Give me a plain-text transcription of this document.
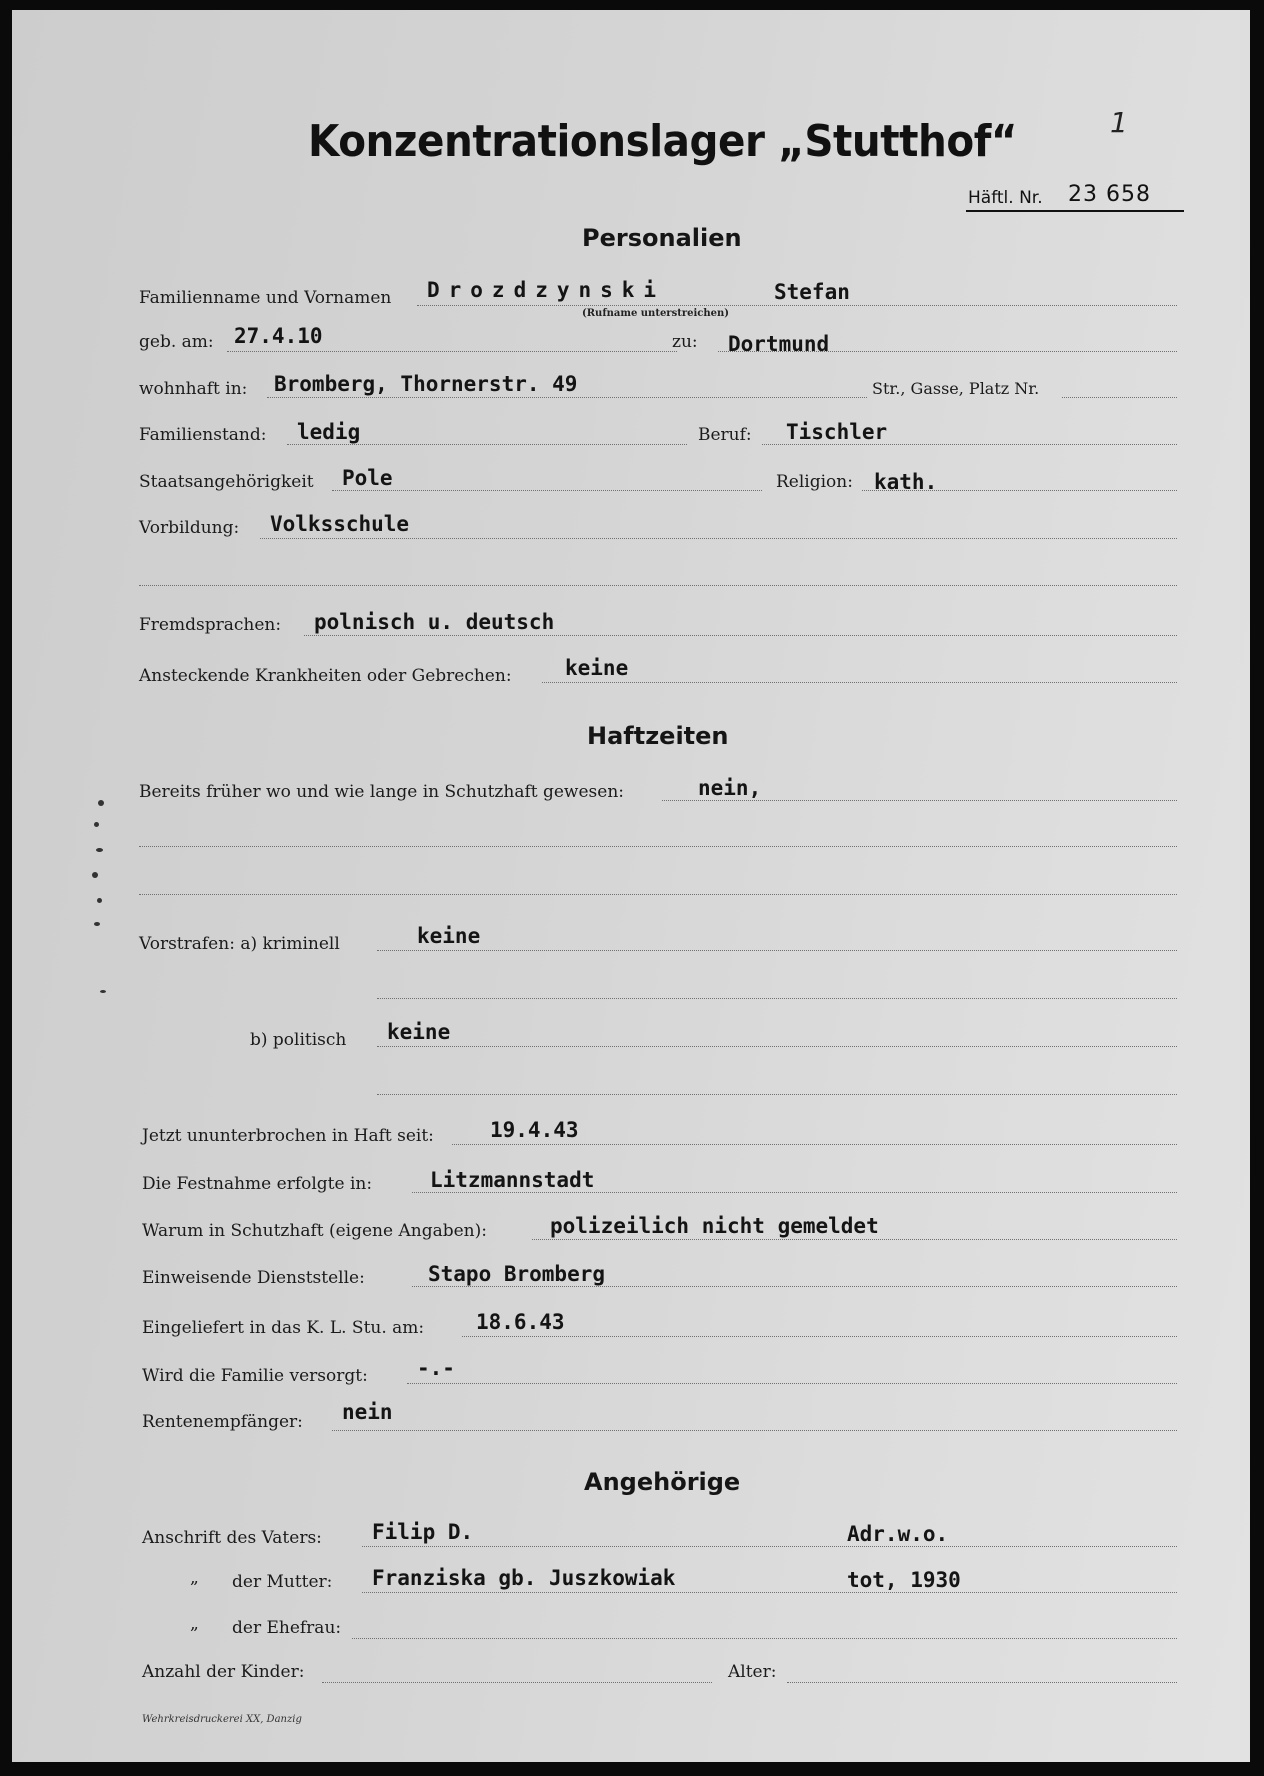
Konzentrationslager „Stutthof“	1
Häftl. Nr. 23 658
Personalien
Familienname und Vornamen Drozdzynski	Stefan
(Rufname unterstreichen)
geb. am: 27.4.10	zu: Dortmund
wohnhaft in: Bromberg, Thornerstr. 49	Str., Gasse, Platz Nr.
Familienstand: ledig	Beruf: Tischler
Staatsangehörigkeit Pole	Religion: kath.
Vorbildung: Volksschule
Fremdsprachen: polnisch u. deutsch
Ansteckende Krankheiten oder Gebrechen:	keine
Haftzeiten
Bereits früher wo und wie lange in Schutzhaft gewesen:	nein,
Vorstrafen: a) kriminell	keine
b) politisch keine
Jetzt ununterbrochen in Haft seit:	19.4.43
Die Festnahme erfolgte in:	Litzmannstadt
Warum in Schutzhaft (eigene Angaben):	polizeilich nicht gemeldet
Einweisende Dienststelle:	Stapo Bromberg
Eingeliefert in das K. L. Stu. am: 18.6.43
Wird die Familie versorgt: -.-
Rentenempfänger: nein
Angehörige
Anschrift des Vaters: Filip D.	Adr.w.o.
„ der Mutter: Franziska gb. Juszkowiak	tot, 1930
„ der Ehefrau:
Anzahl der Kinder:	Alter:
Wehrkreisdruckerei XX, Danzig
